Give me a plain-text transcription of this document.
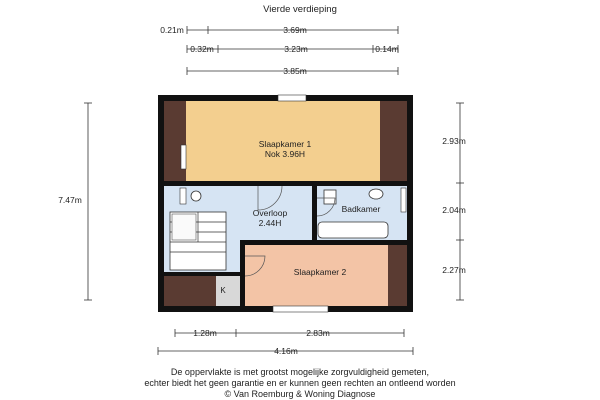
Vierde verdieping
0.21m	3.69m
0.32m	3.23m	0.14m
3.85m
7.47m
2.93m
2.04m
2.27m
Slaapkamer 1
Nok 3.96H
Overloop
2.44H
Badkamer
Slaapkamer 2
K
1.28m	2.83m
4.16m
De oppervlakte is met grootst mogelijke zorgvuldigheid gemeten,
echter biedt het geen garantie en er kunnen geen rechten an ontleend worden
© Van Roemburg & Woning Diagnose
